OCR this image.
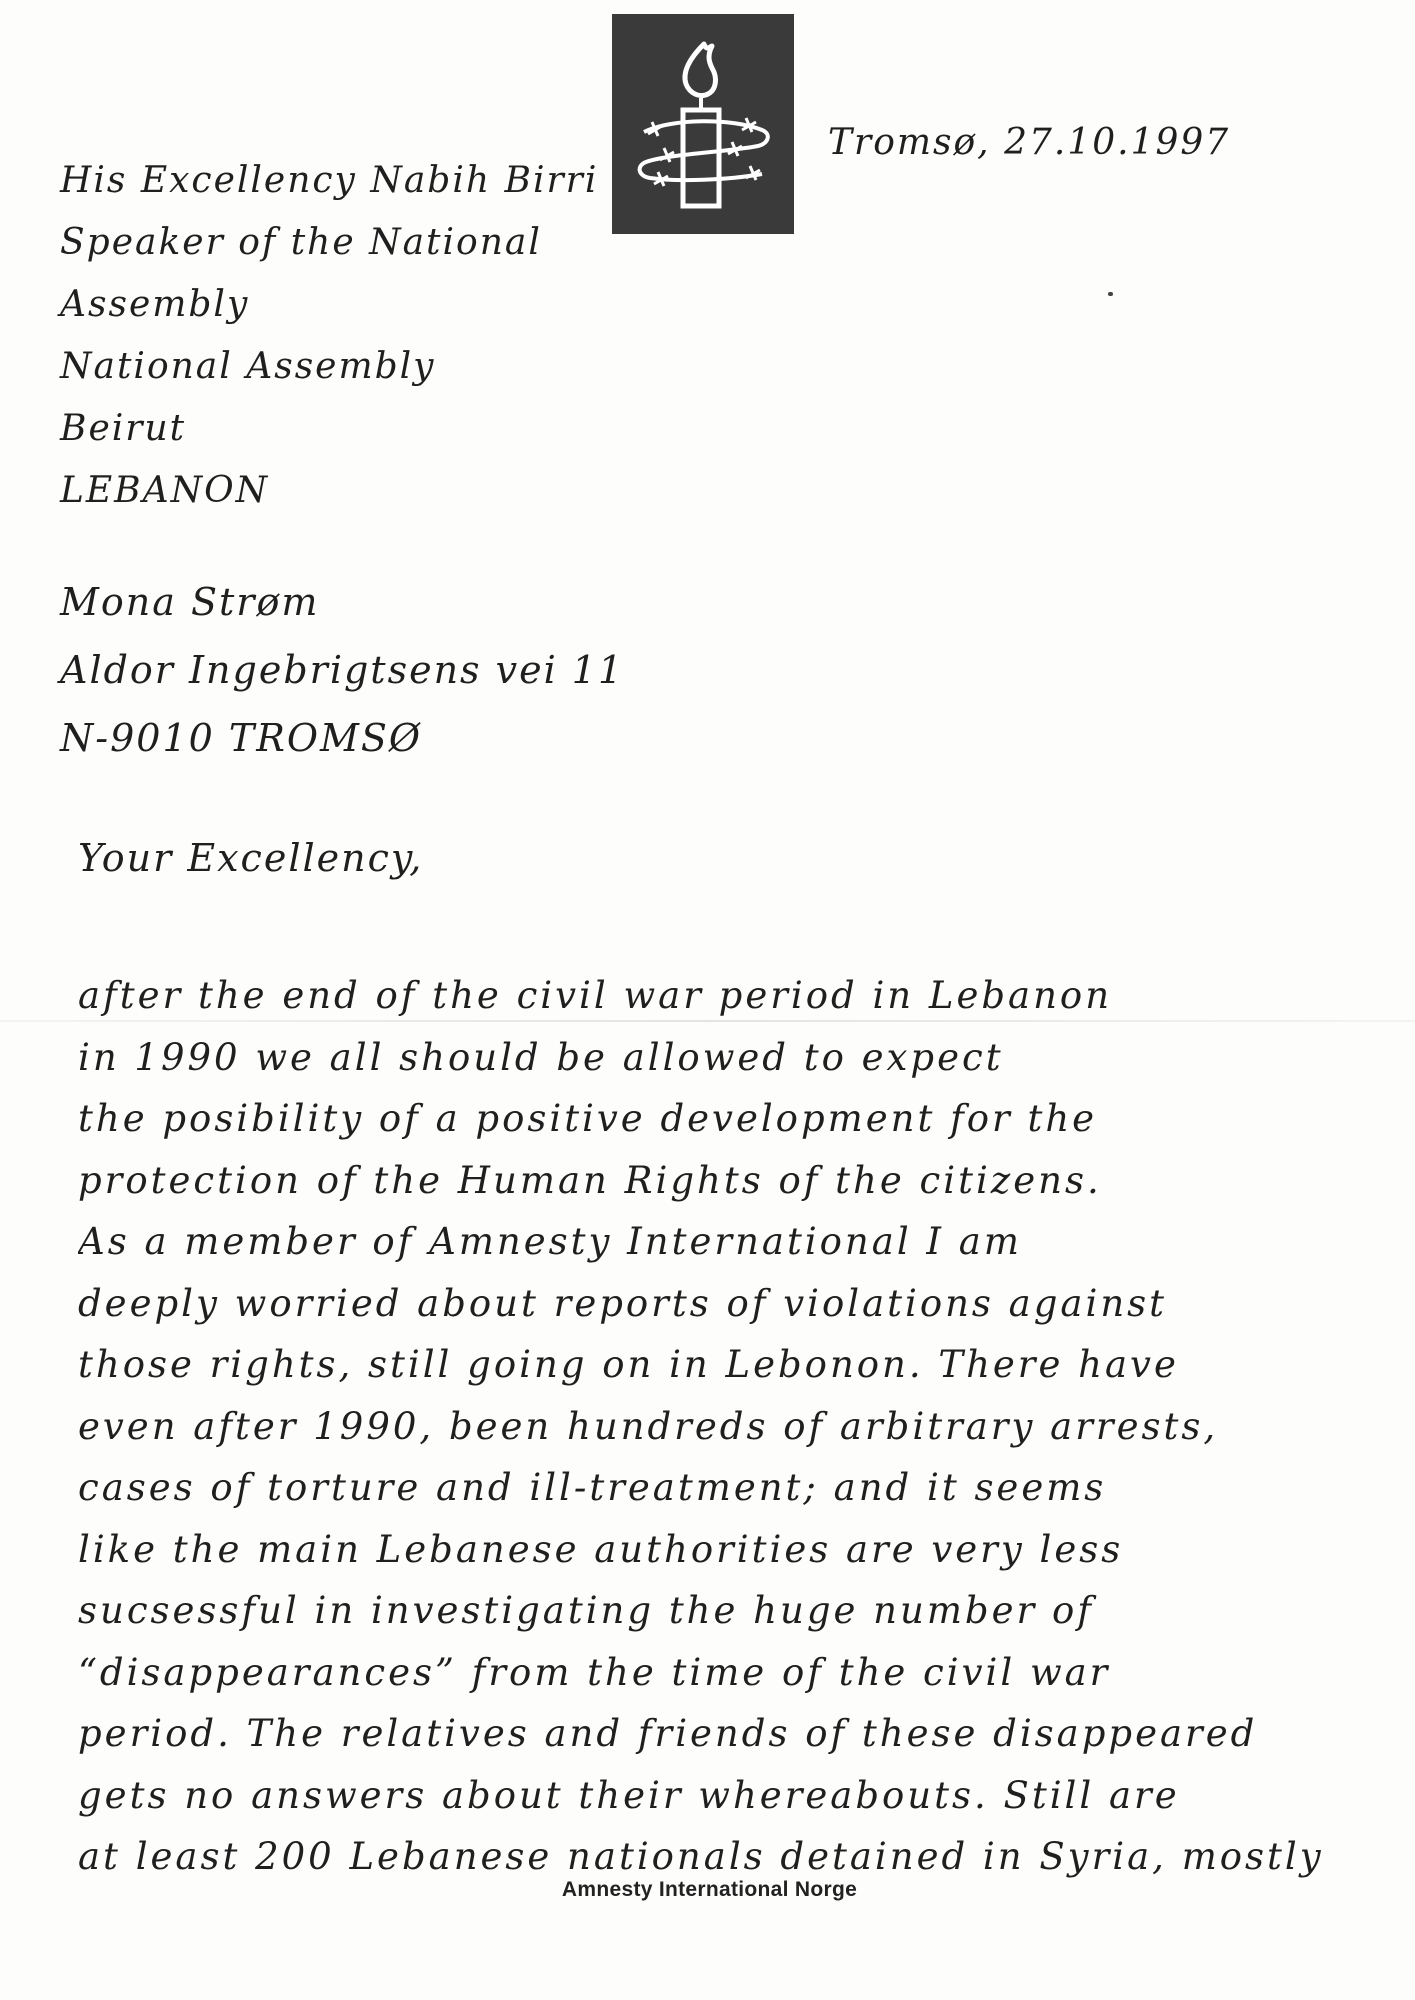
Tromsø, 27.10.1997
His Excellency Nabih Birri
Speaker of the National
Assembly
National Assembly
Beirut
LEBANON
Mona Strøm
Aldor Ingebrigtsens vei 11
N-9010 TROMSØ
Your Excellency,
after the end of the civil war period in Lebanon
in 1990 we all should be allowed to expect
the posibility of a positive development for the
protection of the Human Rights of the citizens.
As a member of Amnesty International I am
deeply worried about reports of violations against
those rights, still going on in Lebonon. There have
even after 1990, been hundreds of arbitrary arrests,
cases of torture and ill-treatment; and it seems
like the main Lebanese authorities are very less
sucsessful in investigating the huge number of
“disappearances” from the time of the civil war
period. The relatives and friends of these disappeared
gets no answers about their whereabouts. Still are
at least 200 Lebanese nationals detained in Syria, mostly
Amnesty International Norge
